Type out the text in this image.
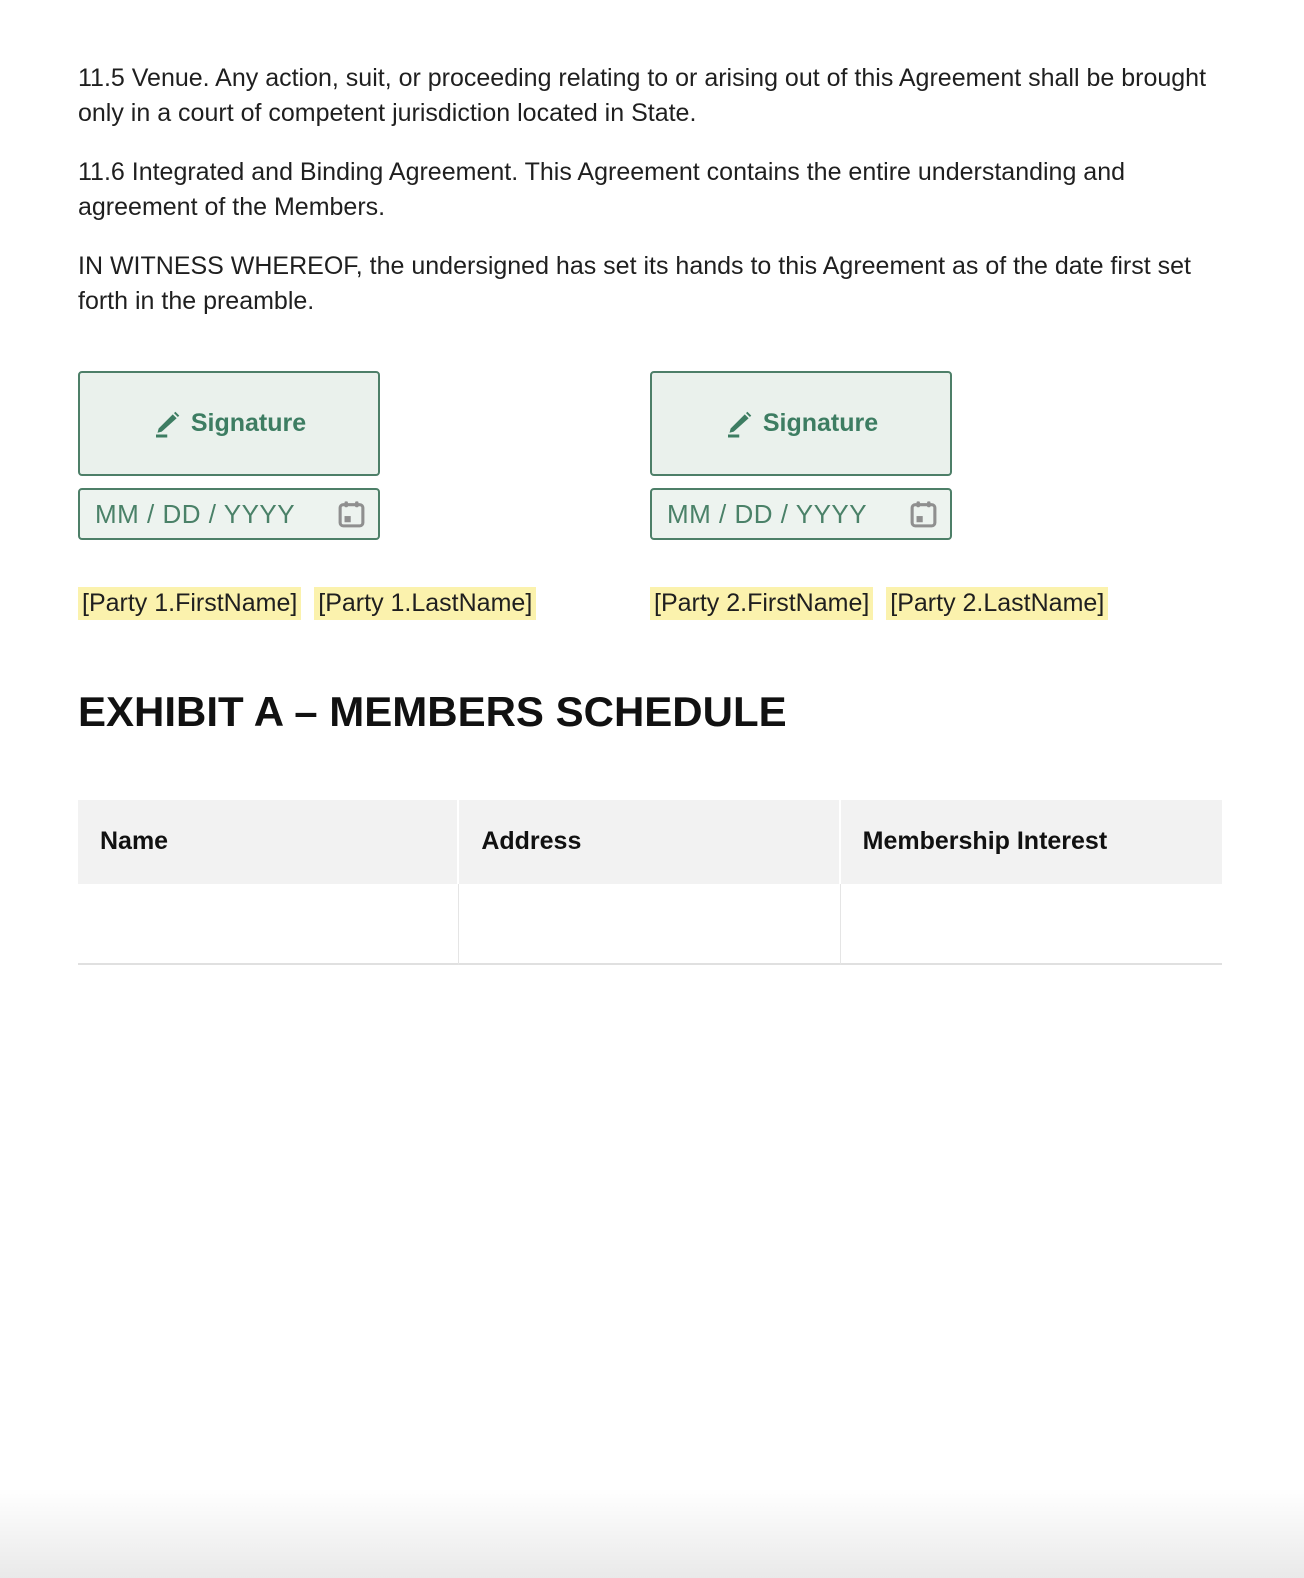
11.5 Venue. Any action, suit, or proceeding relating to or arising out of this Agreement shall be brought only in a court of competent jurisdiction located in State.

11.6 Integrated and Binding Agreement. This Agreement contains the entire understanding and agreement of the Members.

IN WITNESS WHEREOF, the undersigned has set its hands to this Agreement as of the date first set forth in the preamble.

Signature
MM / DD / YYYY
Signature
MM / DD / YYYY
[Party 1.FirstName] [Party 1.LastName]	[Party 2.FirstName] [Party 2.LastName]
EXHIBIT A – MEMBERS SCHEDULE
Name	Address	Membership Interest
